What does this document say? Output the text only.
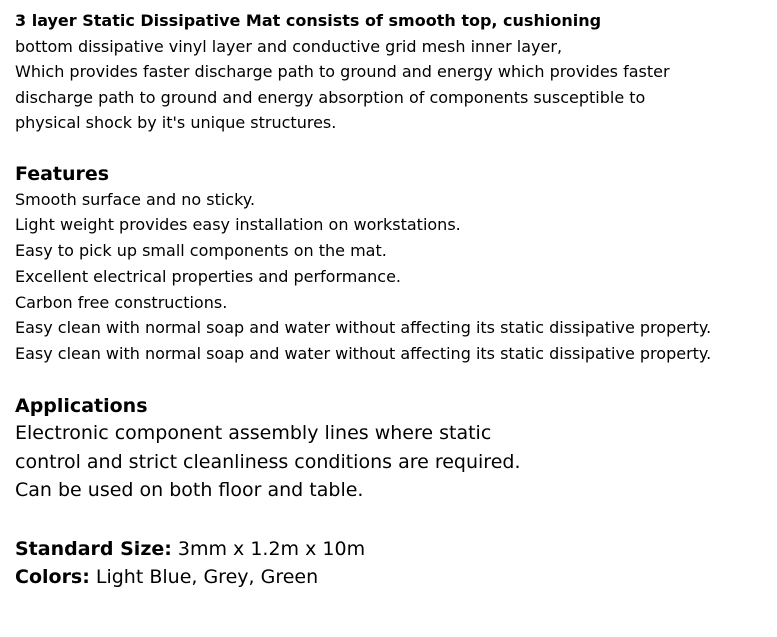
3 layer Static Dissipative Mat consists of smooth top, cushioning
bottom dissipative vinyl layer and conductive grid mesh inner layer,
Which provides faster discharge path to ground and energy which provides faster
discharge path to ground and energy absorption of components susceptible to
physical shock by it's unique structures.
Features
Smooth surface and no sticky.
Light weight provides easy installation on workstations.
Easy to pick up small components on the mat.
Excellent electrical properties and performance.
Carbon free constructions.
Easy clean with normal soap and water without affecting its static dissipative property.
Easy clean with normal soap and water without affecting its static dissipative property.
Applications
Electronic component assembly lines where static
control and strict cleanliness conditions are required.
Can be used on both floor and table.
Standard Size: 3mm x 1.2m x 10m
Colors: Light Blue, Grey, Green
